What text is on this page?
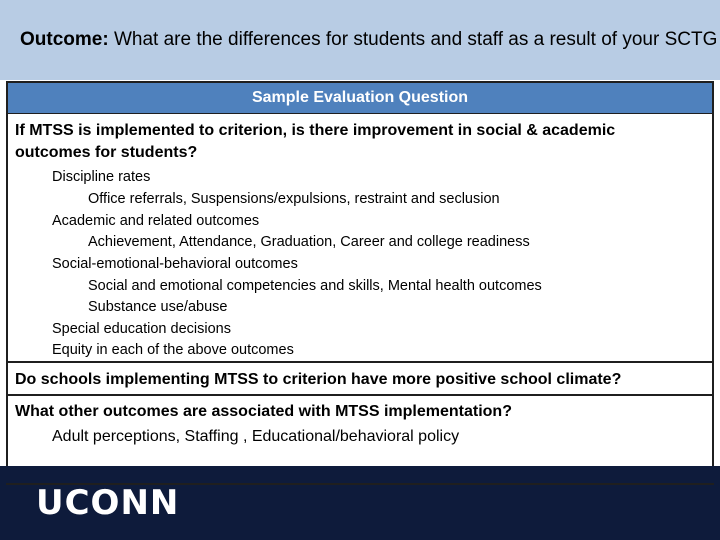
Outcome: What are the differences for students and staff as a result of your SCTG
Sample Evaluation Question
If MTSS is implemented to criterion, is there improvement in social & academic outcomes for students?
Discipline rates
Office referrals, Suspensions/expulsions, restraint and seclusion
Academic and related outcomes
Achievement, Attendance, Graduation, Career and college readiness
Social-emotional-behavioral outcomes
Social and emotional competencies and skills, Mental health outcomes
Substance use/abuse
Special education decisions
Equity in each of the above outcomes
Do schools implementing MTSS to criterion have more positive school climate?
What other outcomes are associated with MTSS implementation?
Adult perceptions, Staffing , Educational/behavioral policy
UCONN
